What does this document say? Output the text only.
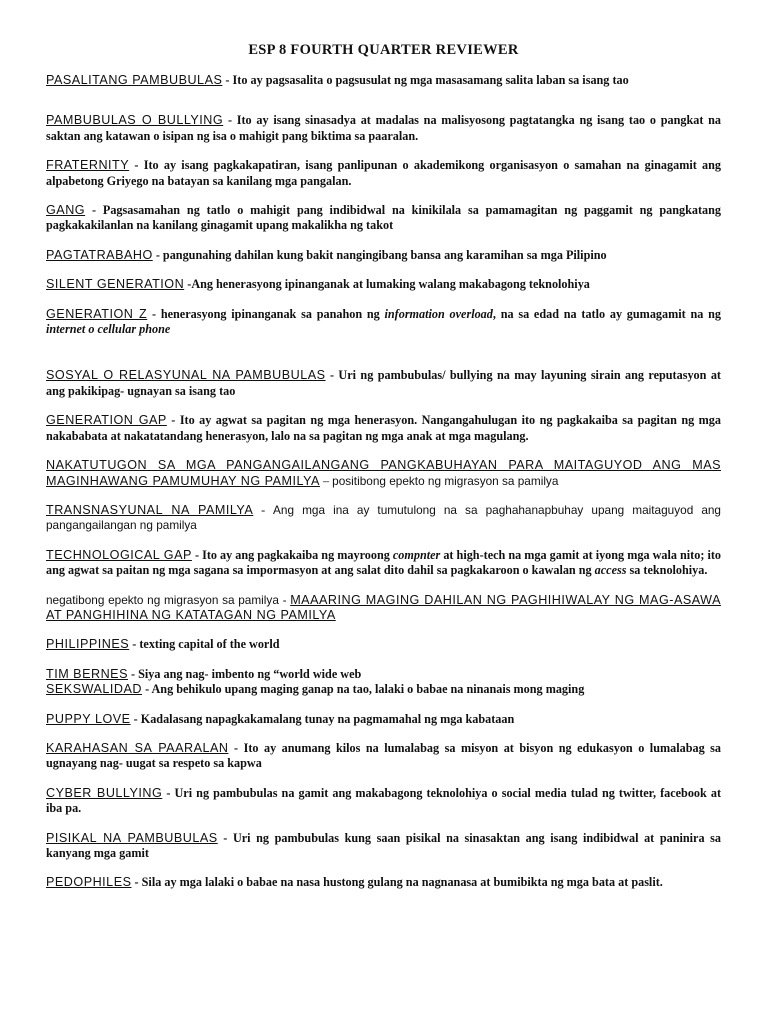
ESP 8 FOURTH QUARTER REVIEWER

PASALITANG PAMBUBULAS - Ito ay pagsasalita o pagsusulat ng mga masasamang salita laban sa isang tao

PAMBUBULAS O BULLYING - Ito ay isang sinasadya at madalas na malisyosong pagtatangka ng isang tao o pangkat na saktan ang katawan o isipan ng isa o mahigit pang biktima sa paaralan.

FRATERNITY - Ito ay isang pagkakapatiran, isang panlipunan o akademikong organisasyon o samahan na ginagamit ang alpabetong Griyego na batayan sa kanilang mga pangalan.

GANG - Pagsasamahan ng tatlo o mahigit pang indibidwal na kinikilala sa pamamagitan ng paggamit ng pangkatang pagkakakilanlan na kanilang ginagamit upang makalikha ng takot

PAGTATRABAHO - pangunahing dahilan kung bakit nangingibang bansa ang karamihan sa mga Pilipino

SILENT GENERATION -Ang henerasyong ipinanganak at lumaking walang makabagong teknolohiya

GENERATION Z - henerasyong ipinanganak sa panahon ng information overload, na sa edad na tatlo ay gumagamit na ng internet o cellular phone

SOSYAL O RELASYUNAL NA PAMBUBULAS - Uri ng pambubulas/ bullying na may layuning sirain ang reputasyon at ang pakikipag- ugnayan sa isang tao

GENERATION GAP - Ito ay agwat sa pagitan ng mga henerasyon. Nangangahulugan ito ng pagkakaiba sa pagitan ng mga nakababata at nakatatandang henerasyon, lalo na sa pagitan ng mga anak at mga magulang.

NAKATUTUGON SA MGA PANGANGAILANGANG PANGKABUHAYAN PARA MAITAGUYOD ANG MAS MAGINHAWANG PAMUMUHAY NG PAMILYA – positibong epekto ng migrasyon sa pamilya

TRANSNASYUNAL NA PAMILYA - Ang mga ina ay tumutulong na sa paghahanapbuhay upang maitaguyod ang pangangailangan ng pamilya

TECHNOLOGICAL GAP - Ito ay ang pagkakaiba ng mayroong compnter at high-tech na mga gamit at iyong mga wala nito; ito ang agwat sa paitan ng mga sagana sa impormasyon at ang salat dito dahil sa pagkakaroon o kawalan ng access sa teknolohiya.

negatibong epekto ng migrasyon sa pamilya - MAAARING MAGING DAHILAN NG PAGHIHIWALAY NG MAG-ASAWA AT PANGHIHINA NG KATATAGAN NG PAMILYA

PHILIPPINES - texting capital of the world

TIM BERNES - Siya ang nag- imbento ng “world wide web

SEKSWALIDAD - Ang behikulo upang maging ganap na tao, lalaki o babae na ninanais mong maging

PUPPY LOVE - Kadalasang napagkakamalang tunay na pagmamahal ng mga kabataan

KARAHASAN SA PAARALAN - Ito ay anumang kilos na lumalabag sa misyon at bisyon ng edukasyon o lumalabag sa ugnayang nag- uugat sa respeto sa kapwa

CYBER BULLYING - Uri ng pambubulas na gamit ang makabagong teknolohiya o social media tulad ng twitter, facebook at iba pa.

PISIKAL NA PAMBUBULAS - Uri ng pambubulas kung saan pisikal na sinasaktan ang isang indibidwal at paninira sa kanyang mga gamit

PEDOPHILES - Sila ay mga lalaki o babae na nasa hustong gulang na nagnanasa at bumibikta ng mga bata at paslit.
